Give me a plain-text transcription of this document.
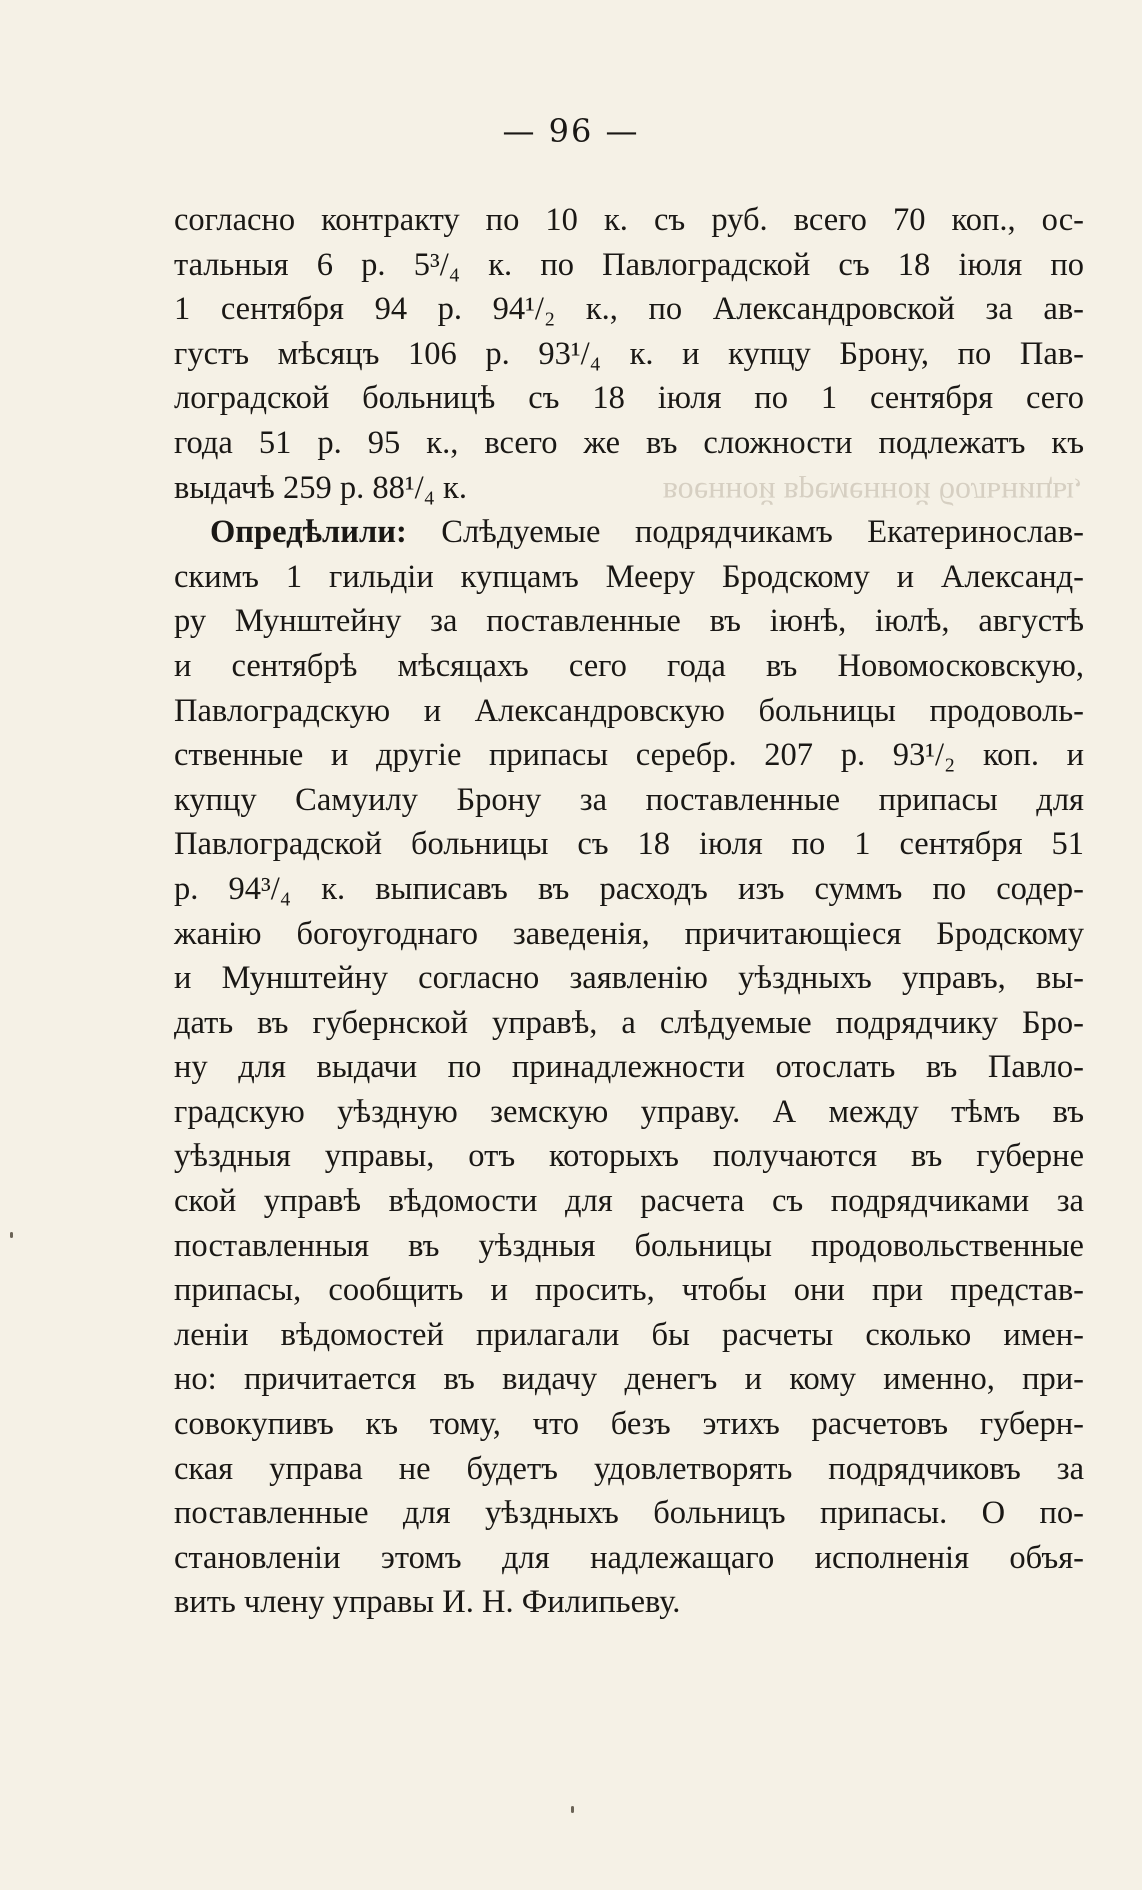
военной временной больницы,
— 96 —
согласно контракту по 10 к. съ руб. всего 70 коп., ос-
тальныя 6 р. 5³/₄ к. по Павлоградской съ 18 іюля по
1 сентября 94 р. 94¹/₂ к., по Александровской за ав-
густъ мѣсяцъ 106 р. 93¹/₄ к. и купцу Брону, по Пав-
лоградской больницѣ съ 18 іюля по 1 сентября сего
года 51 р. 95 к., всего же въ сложности подлежатъ къ
выдачѣ 259 р. 88¹/₄ к.
Опредѣлили: Слѣдуемые подрядчикамъ Екатеринослав-
скимъ 1 гильдіи купцамъ Мееру Бродскому и Александ-
ру Мунштейну за поставленные въ іюнѣ, іюлѣ, августѣ
и сентябрѣ мѣсяцахъ сего года въ Новомосковскую,
Павлоградскую и Александровскую больницы продоволь-
ственные и другіе припасы серебр. 207 р. 93¹/₂ коп. и
купцу Самуилу Брону за поставленные припасы для
Павлоградской больницы съ 18 іюля по 1 сентября 51
р. 94³/₄ к. выписавъ въ расходъ изъ суммъ по содер-
жанію богоугоднаго заведенія, причитающіеся Бродскому
и Мунштейну согласно заявленію уѣздныхъ управъ, вы-
дать въ губернской управѣ, а слѣдуемые подрядчику Бро-
ну для выдачи по принадлежности отослать въ Павло-
градскую уѣздную земскую управу. А между тѣмъ въ
уѣздныя управы, отъ которыхъ получаются въ губерне
ской управѣ вѣдомости для расчета съ подрядчиками за
поставленныя въ уѣздныя больницы продовольственные
припасы, сообщить и просить, чтобы они при представ-
леніи вѣдомостей прилагали бы расчеты сколько имен-
но: причитается въ видачу денегъ и кому именно, при-
совокупивъ къ тому, что безъ этихъ расчетовъ губерн-
ская управа не будетъ удовлетворять подрядчиковъ за
поставленные для уѣздныхъ больницъ припасы. О по-
становленіи этомъ для надлежащаго исполненія объя-
вить члену управы И. Н. Филипьеву.
